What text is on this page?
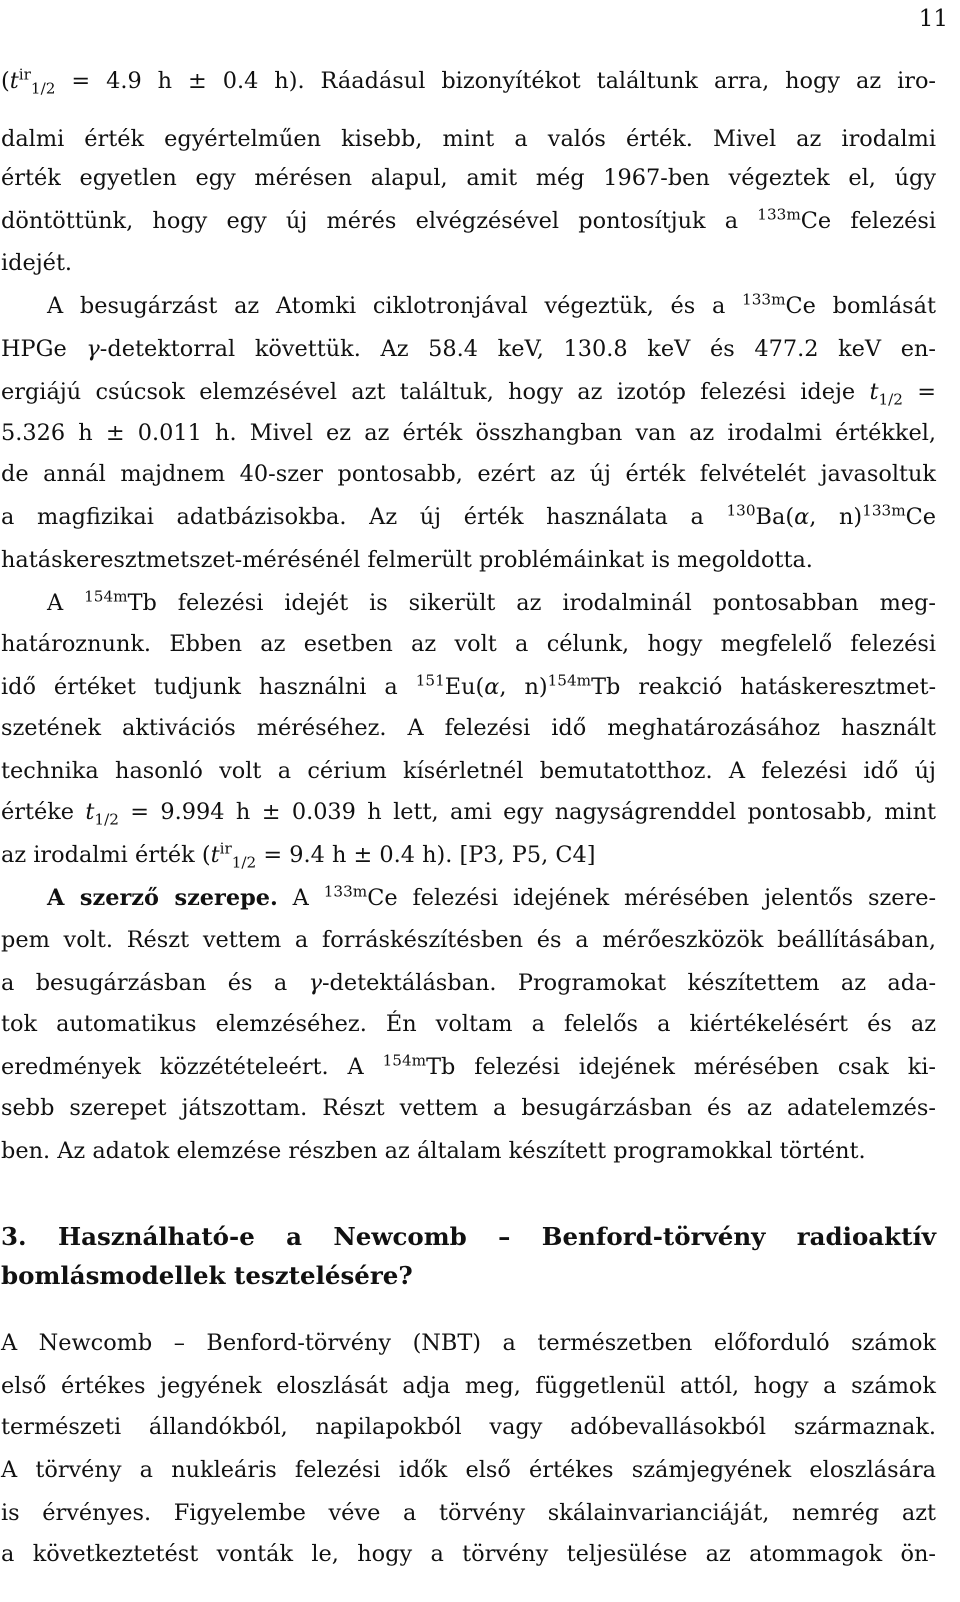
11
($t^{ir}_{1/2} = 4.9$ h ± 0.4 h). Ráadásul bizonyítékot találtunk arra, hogy az iro-
dalmi érték egyértelműen kisebb, mint a valós érték. Mivel az irodalmi
érték egyetlen egy mérésen alapul, amit még 1967-ben végeztek el, úgy
döntöttünk, hogy egy új mérés elvégzésével pontosítjuk a $^{133m}$Ce felezési
idejét.
A besugárzást az Atomki ciklotronjával végeztük, és a $^{133m}$Ce bomlását
HPGe γ-detektorral követtük. Az 58.4 keV, 130.8 keV és 477.2 keV en-
ergiájú csúcsok elemzésével azt találtuk, hogy az izotóp felezési ideje $t_{1/2}$ =
5.326 h ± 0.011 h. Mivel ez az érték összhangban van az irodalmi értékkel,
de annál majdnem 40-szer pontosabb, ezért az új érték felvételét javasoltuk
a magfizikai adatbázisokba. Az új érték használata a $^{130}$Ba(α, n)$^{133m}$Ce
hatáskeresztmetszet-mérésénél felmerült problémáinkat is megoldotta.
A $^{154m}$Tb felezési idejét is sikerült az irodalminál pontosabban meg-
határoznunk. Ebben az esetben az volt a célunk, hogy megfelelő felezési
idő értéket tudjunk használni a $^{151}$Eu(α, n)$^{154m}$Tb reakció hatáskeresztmet-
szetének aktivációs méréséhez. A felezési idő meghatározásához használt
technika hasonló volt a cérium kísérletnél bemutatotthoz. A felezési idő új
értéke $t_{1/2} = 9.994$ h ± 0.039 h lett, ami egy nagyságrenddel pontosabb, mint
az irodalmi érték ($t^{ir}_{1/2} = 9.4$ h ± 0.4 h). [P3, P5, C4]
A szerző szerepe. A $^{133m}$Ce felezési idejének mérésében jelentős szere-
pem volt. Részt vettem a forráskészítésben és a mérőeszközök beállításában,
a besugárzásban és a γ-detektálásban. Programokat készítettem az ada-
tok automatikus elemzéséhez. Én voltam a felelős a kiértékelésért és az
eredmények közzétételeért. A $^{154m}$Tb felezési idejének mérésében csak ki-
sebb szerepet játszottam. Részt vettem a besugárzásban és az adatelemzés-
ben. Az adatok elemzése részben az általam készített programokkal történt.
3. Használható-e a Newcomb – Benford-törvény radioaktív
bomlásmodellek tesztelésére?
A Newcomb – Benford-törvény (NBT) a természetben előforduló számok
első értékes jegyének eloszlását adja meg, függetlenül attól, hogy a számok
természeti állandókból, napilapokból vagy adóbevallásokból származnak.
A törvény a nukleáris felezési idők első értékes számjegyének eloszlására
is érvényes. Figyelembe véve a törvény skálainvarianciáját, nemrég azt
a következtetést vonták le, hogy a törvény teljesülése az atommagok ön-
